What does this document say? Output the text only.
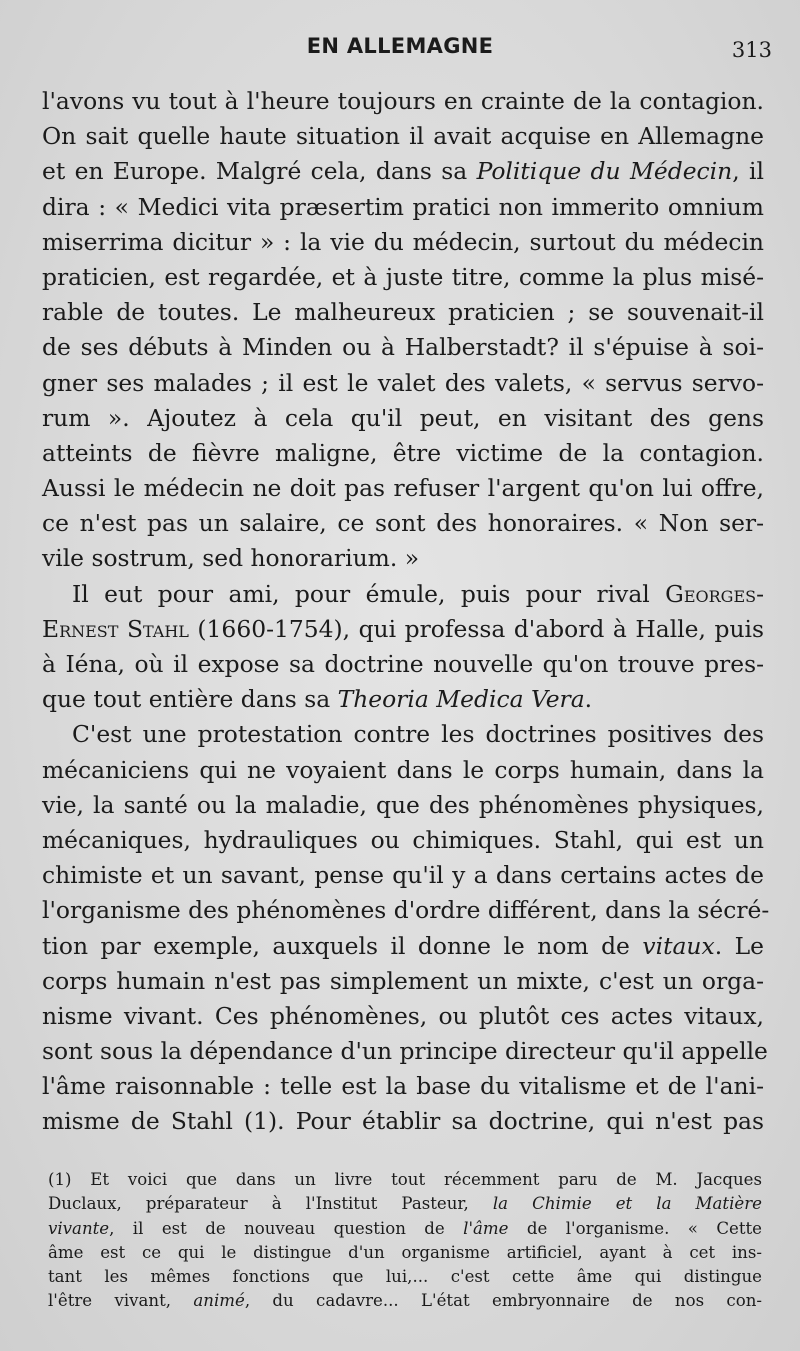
EN ALLEMAGNE	313
l'avons vu tout à l'heure toujours en crainte de la contagion.
On sait quelle haute situation il avait acquise en Allemagne
et en Europe. Malgré cela, dans sa Politique du Médecin, il
dira : « Medici vita præsertim pratici non immerito omnium
miserrima dicitur » : la vie du médecin, surtout du médecin
praticien, est regardée, et à juste titre, comme la plus misé-
rable de toutes. Le malheureux praticien ; se souvenait-il
de ses débuts à Minden ou à Halberstadt? il s'épuise à soi-
gner ses malades ; il est le valet des valets, « servus servo-
rum ». Ajoutez à cela qu'il peut, en visitant des gens
atteints de fièvre maligne, être victime de la contagion.
Aussi le médecin ne doit pas refuser l'argent qu'on lui offre,
ce n'est pas un salaire, ce sont des honoraires. « Non ser-
vile sostrum, sed honorarium. »
Il eut pour ami, pour émule, puis pour rival Georges-
Ernest Stahl (1660-1754), qui professa d'abord à Halle, puis
à Iéna, où il expose sa doctrine nouvelle qu'on trouve pres-
que tout entière dans sa Theoria Medica Vera.
C'est une protestation contre les doctrines positives des
mécaniciens qui ne voyaient dans le corps humain, dans la
vie, la santé ou la maladie, que des phénomènes physiques,
mécaniques, hydrauliques ou chimiques. Stahl, qui est un
chimiste et un savant, pense qu'il y a dans certains actes de
l'organisme des phénomènes d'ordre différent, dans la sécré-
tion par exemple, auxquels il donne le nom de vitaux. Le
corps humain n'est pas simplement un mixte, c'est un orga-
nisme vivant. Ces phénomènes, ou plutôt ces actes vitaux,
sont sous la dépendance d'un principe directeur qu'il appelle
l'âme raisonnable : telle est la base du vitalisme et de l'ani-
misme de Stahl (1). Pour établir sa doctrine, qui n'est pas
(1) Et voici que dans un livre tout récemment paru de M. Jacques
Duclaux, préparateur à l'Institut Pasteur, la Chimie et la Matière
vivante, il est de nouveau question de l'âme de l'organisme. « Cette
âme est ce qui le distingue d'un organisme artificiel, ayant à cet ins-
tant les mêmes fonctions que lui,... c'est cette âme qui distingue
l'être vivant, animé, du cadavre... L'état embryonnaire de nos con-
